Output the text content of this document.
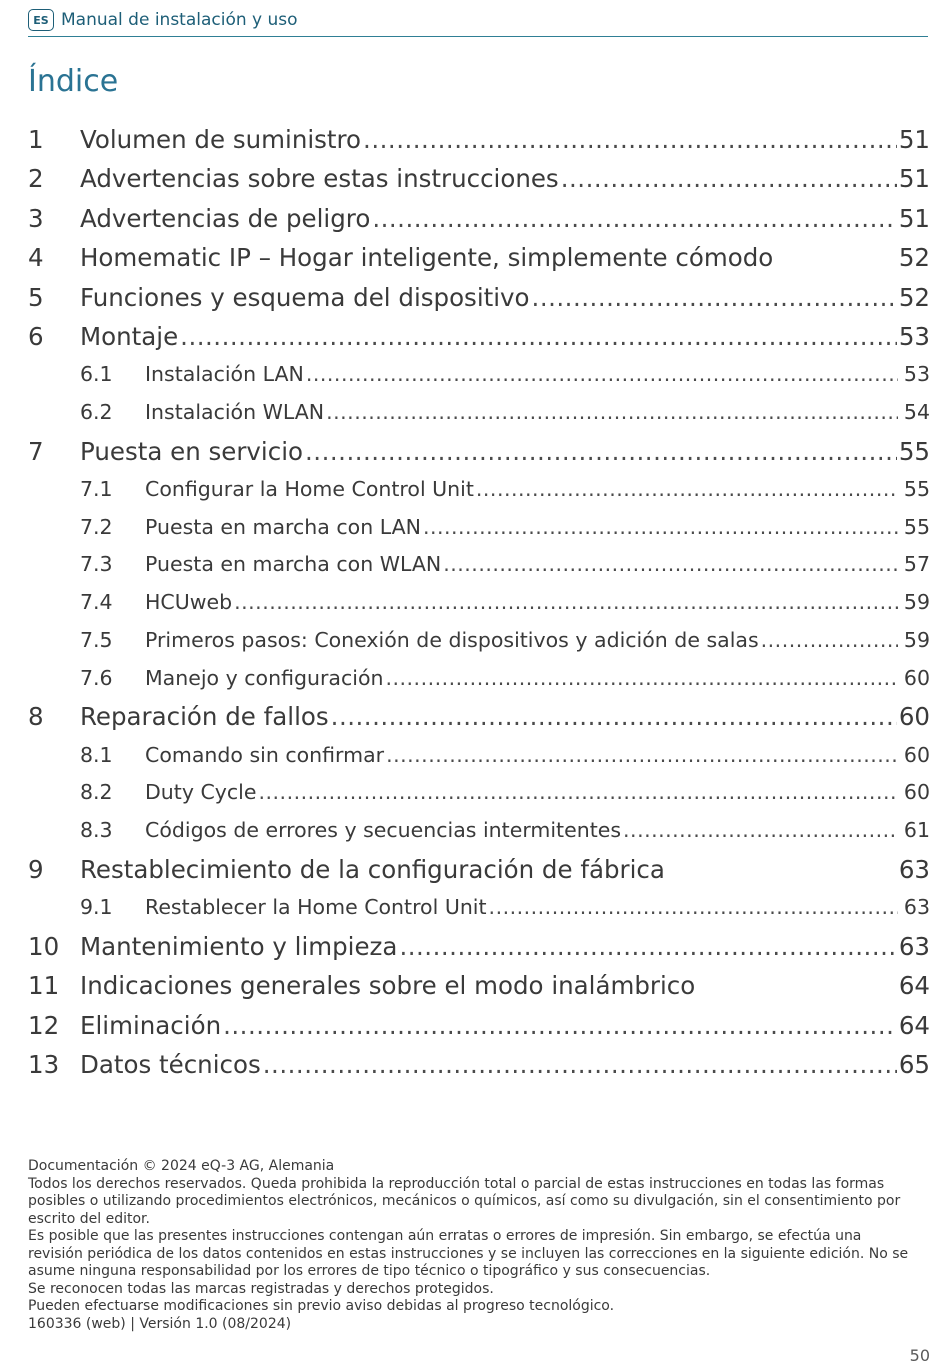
ES Manual de instalación y uso
Índice
1	Volumen de suministro .....	51
2	Advertencias sobre estas instrucciones .....	51
3	Advertencias de peligro .....	51
4	Homematic IP – Hogar inteligente, simplemente cómodo	52
5	Funciones y esquema del dispositivo .....	52
6	Montaje .....	53
6.1	Instalación LAN .....	53
6.2	Instalación WLAN .....	54
7	Puesta en servicio .....	55
7.1	Configurar la Home Control Unit .....	55
7.2	Puesta en marcha con LAN .....	55
7.3	Puesta en marcha con WLAN .....	57
7.4	HCUweb .....	59
7.5	Primeros pasos: Conexión de dispositivos y adición de salas .....	59
7.6	Manejo y configuración .....	60
8	Reparación de fallos .....	60
8.1	Comando sin confirmar .....	60
8.2	Duty Cycle .....	60
8.3	Códigos de errores y secuencias intermitentes .....	61
9	Restablecimiento de la configuración de fábrica	63
9.1	Restablecer la Home Control Unit .....	63
10 Mantenimiento y limpieza .....	63
11 Indicaciones generales sobre el modo inalámbrico	64
12 Eliminación .....	64
13 Datos técnicos .....	65

Documentación © 2024 eQ-3 AG, Alemania

Todos los derechos reservados. Queda prohibida la reproducción total o parcial de estas instrucciones en todas las formas posibles o utilizando procedimientos electrónicos, mecánicos o químicos, así como su divulgación, sin el consentimiento por escrito del editor.

Es posible que las presentes instrucciones contengan aún erratas o errores de impresión. Sin embargo, se efectúa una revisión periódica de los datos contenidos en estas instrucciones y se incluyen las correcciones en la siguiente edición. No se asume ninguna responsabilidad por los errores de tipo técnico o tipográfico y sus consecuencias.

Se reconocen todas las marcas registradas y derechos protegidos.

Pueden efectuarse modificaciones sin previo aviso debidas al progreso tecnológico.

160336 (web) | Versión 1.0 (08/2024)

50
